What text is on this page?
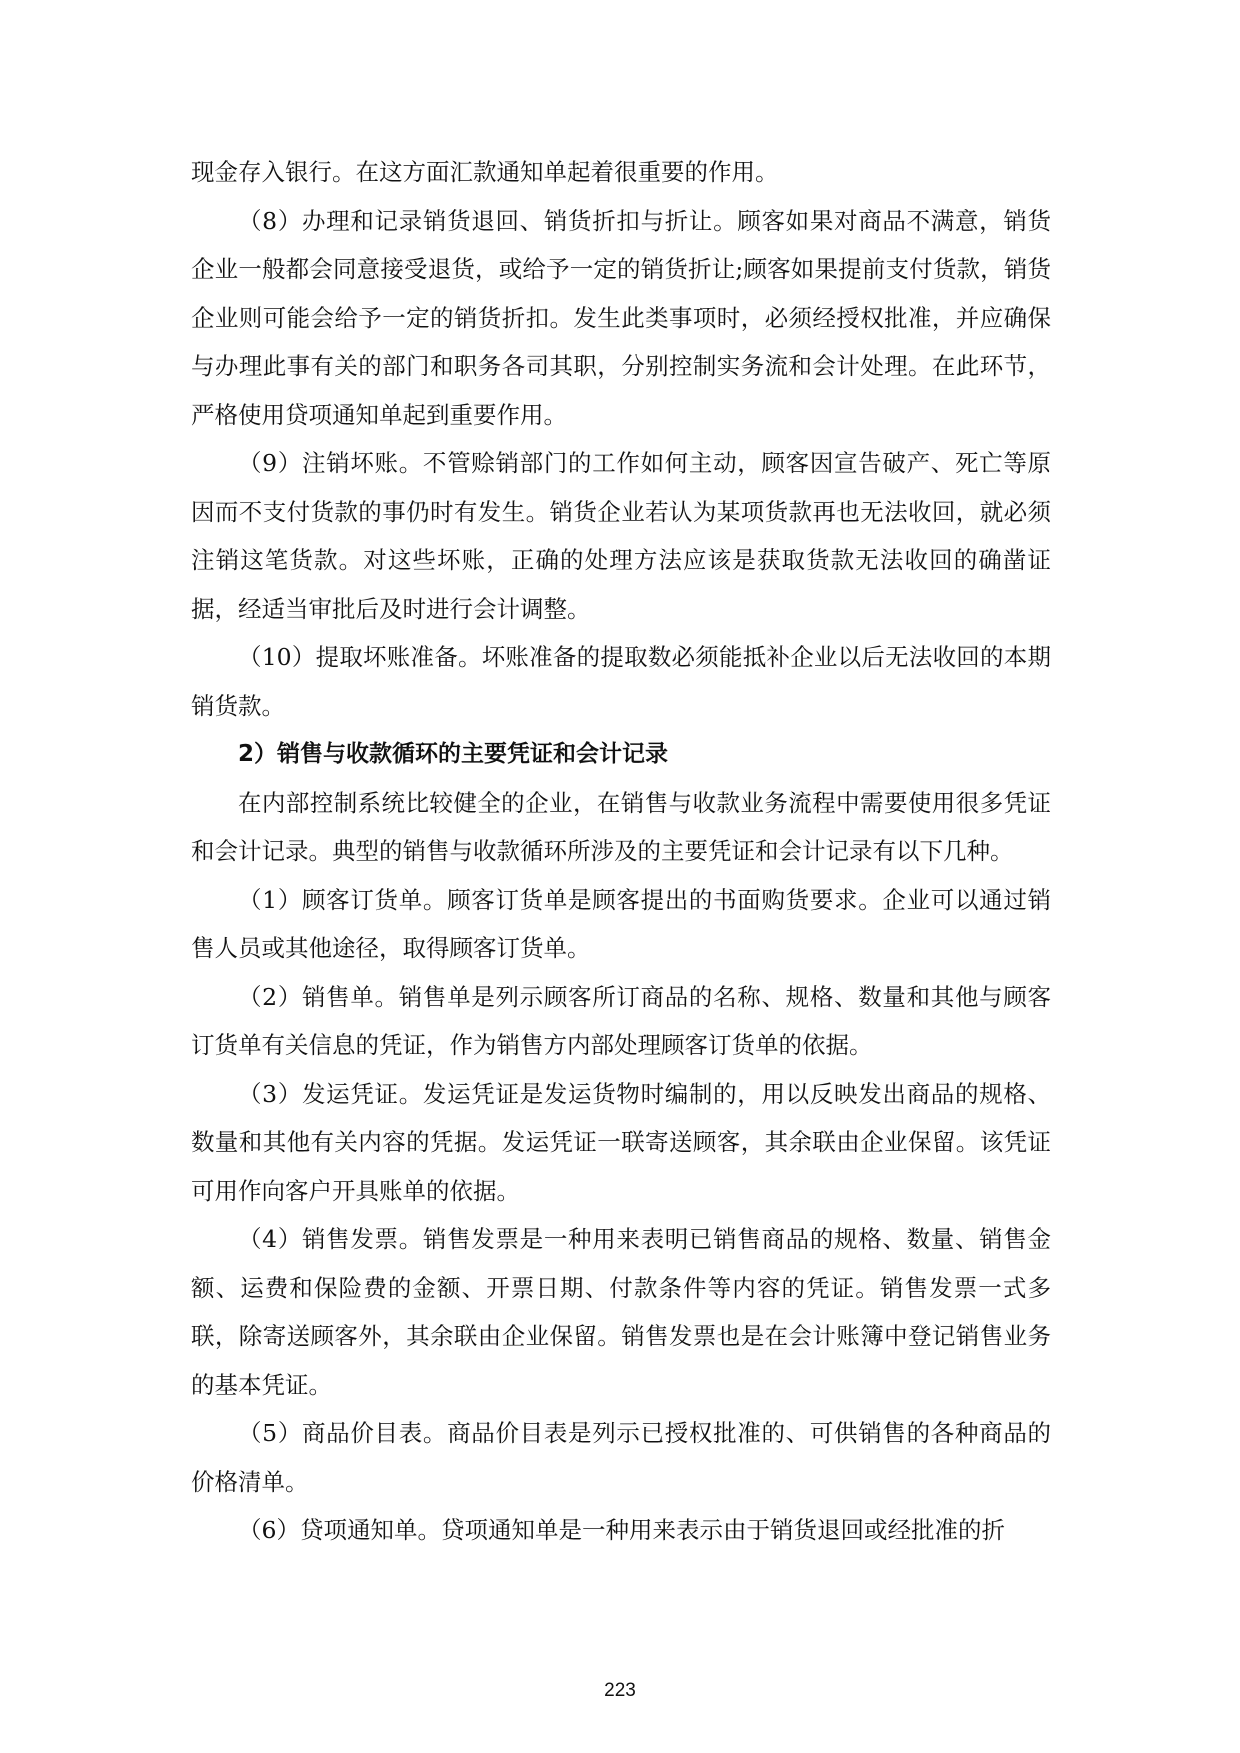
现金存入银行。在这方面汇款通知单起着很重要的作用。

（8）办理和记录销货退回、销货折扣与折让。顾客如果对商品不满意，销货企业一般都会同意接受退货，或给予一定的销货折让;顾客如果提前支付货款，销货企业则可能会给予一定的销货折扣。发生此类事项时，必须经授权批准，并应确保与办理此事有关的部门和职务各司其职，分别控制实务流和会计处理。在此环节，严格使用贷项通知单起到重要作用。

（9）注销坏账。不管赊销部门的工作如何主动，顾客因宣告破产、死亡等原因而不支付货款的事仍时有发生。销货企业若认为某项货款再也无法收回，就必须注销这笔货款。对这些坏账，正确的处理方法应该是获取货款无法收回的确凿证据，经适当审批后及时进行会计调整。

（10）提取坏账准备。坏账准备的提取数必须能抵补企业以后无法收回的本期销货款。

2）销售与收款循环的主要凭证和会计记录

在内部控制系统比较健全的企业，在销售与收款业务流程中需要使用很多凭证和会计记录。典型的销售与收款循环所涉及的主要凭证和会计记录有以下几种。

（1）顾客订货单。顾客订货单是顾客提出的书面购货要求。企业可以通过销售人员或其他途径，取得顾客订货单。

（2）销售单。销售单是列示顾客所订商品的名称、规格、数量和其他与顾客订货单有关信息的凭证，作为销售方内部处理顾客订货单的依据。

（3）发运凭证。发运凭证是发运货物时编制的，用以反映发出商品的规格、数量和其他有关内容的凭据。发运凭证一联寄送顾客，其余联由企业保留。该凭证可用作向客户开具账单的依据。

（4）销售发票。销售发票是一种用来表明已销售商品的规格、数量、销售金额、运费和保险费的金额、开票日期、付款条件等内容的凭证。销售发票一式多联，除寄送顾客外，其余联由企业保留。销售发票也是在会计账簿中登记销售业务的基本凭证。

（5）商品价目表。商品价目表是列示已授权批准的、可供销售的各种商品的价格清单。

（6）贷项通知单。贷项通知单是一种用来表示由于销货退回或经批准的折

223
